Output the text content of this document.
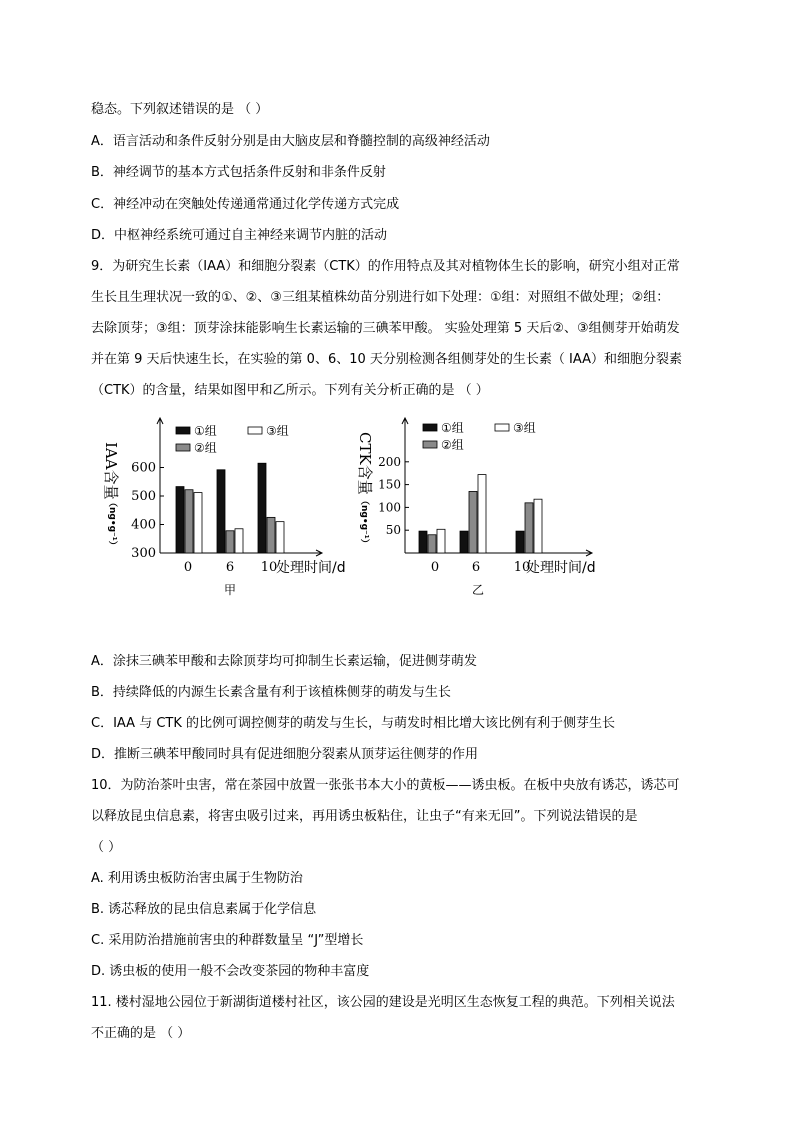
稳态。下列叙述错误的是 （ ）
A．语言活动和条件反射分别是由大脑皮层和脊髓控制的高级神经活动
B．神经调节的基本方式包括条件反射和非条件反射
C．神经冲动在突触处传递通常通过化学传递方式完成
D．中枢神经系统可通过自主神经来调节内脏的活动
9．为研究生长素（IAA）和细胞分裂素（CTK）的作用特点及其对植物体生长的影响，研究小组对正常
生长且生理状况一致的①、②、③三组某植株幼苗分别进行如下处理：①组：对照组不做处理；②组：
去除顶芽；③组：顶芽涂抹能影响生长素运输的三碘苯甲酸。 实验处理第 5 天后②、③组侧芽开始萌发
并在第 9 天后快速生长，在实验的第 0、6、10 天分别检测各组侧芽处的生长素（ IAA）和细胞分裂素
（CTK）的含量，结果如图甲和乙所示。下列有关分析正确的是 （ ）
600
500
400
300
IAA含量
（ng•g⁻¹）
0	6 10
处理时间/d
①组
②组
③组
甲
200
150
100
50
CTK含量
（ng•g⁻¹）
0	6	10
处理时间/d
①组
②组
③组
乙
A．涂抹三碘苯甲酸和去除顶芽均可抑制生长素运输，促进侧芽萌发
B．持续降低的内源生长素含量有利于该植株侧芽的萌发与生长
C．IAA 与 CTK 的比例可调控侧芽的萌发与生长，与萌发时相比增大该比例有利于侧芽生长
D．推断三碘苯甲酸同时具有促进细胞分裂素从顶芽运往侧芽的作用
10．为防治茶叶虫害，常在茶园中放置一张张书本大小的黄板——诱虫板。在板中央放有诱芯，诱芯可
以释放昆虫信息素，将害虫吸引过来，再用诱虫板粘住，让虫子“有来无回”。下列说法错误的是
（ ）
A. 利用诱虫板防治害虫属于生物防治
B. 诱芯释放的昆虫信息素属于化学信息
C. 采用防治措施前害虫的种群数量呈 “J”型增长
D. 诱虫板的使用一般不会改变茶园的物种丰富度
11. 楼村湿地公园位于新湖街道楼村社区，该公园的建设是光明区生态恢复工程的典范。下列相关说法
不正确的是 （ ）
